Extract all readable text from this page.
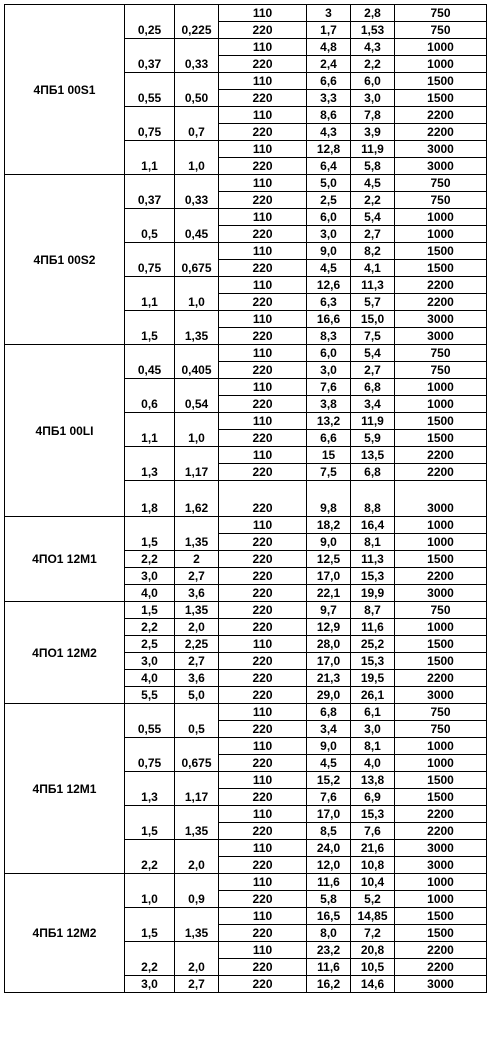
4ПБ1 00S1	0,25	0,225	110	3	2,8	750
			220	1,7	1,53	750
	0,37	0,33	110	4,8	4,3	1000
			220	2,4	2,2	1000
	0,55	0,50	110	6,6	6,0	1500
			220	3,3	3,0	1500
	0,75	0,7	110	8,6	7,8	2200
			220	4,3	3,9	2200
	1,1	1,0	110	12,8	11,9	3000
			220	6,4	5,8	3000
4ПБ1 00S2	0,37	0,33	110	5,0	4,5	750
			220	2,5	2,2	750
	0,5	0,45	110	6,0	5,4	1000
			220	3,0	2,7	1000
	0,75	0,675	110	9,0	8,2	1500
			220	4,5	4,1	1500
	1,1	1,0	110	12,6	11,3	2200
			220	6,3	5,7	2200
	1,5	1,35	110	16,6	15,0	3000
			220	8,3	7,5	3000
4ПБ1 00LI	0,45	0,405	110	6,0	5,4	750
			220	3,0	2,7	750
	0,6	0,54	110	7,6	6,8	1000
			220	3,8	3,4	1000
	1,1	1,0	110	13,2	11,9	1500
			220	6,6	5,9	1500
	1,3	1,17	110	15	13,5	2200
			220	7,5	6,8	2200
	1,8	1,62	220	9,8	8,8	3000
4ПО1 12М1	1,5	1,35	110	18,2	16,4	1000
			220	9,0	8,1	1000
	2,2	2	220	12,5	11,3	1500
	3,0	2,7	220	17,0	15,3	2200
	4,0	3,6	220	22,1	19,9	3000
4ПО1 12М2	1,5	1,35	220	9,7	8,7	750
	2,2	2,0	220	12,9	11,6	1000
	2,5	2,25	110	28,0	25,2	1500
	3,0	2,7	220	17,0	15,3	1500
	4,0	3,6	220	21,3	19,5	2200
	5,5	5,0	220	29,0	26,1	3000
4ПБ1 12М1	0,55	0,5	110	6,8	6,1	750
			220	3,4	3,0	750
	0,75	0,675	110	9,0	8,1	1000
			220	4,5	4,0	1000
	1,3	1,17	110	15,2	13,8	1500
			220	7,6	6,9	1500
	1,5	1,35	110	17,0	15,3	2200
			220	8,5	7,6	2200
	2,2	2,0	110	24,0	21,6	3000
			220	12,0	10,8	3000
4ПБ1 12М2	1,0	0,9	110	11,6	10,4	1000
			220	5,8	5,2	1000
	1,5	1,35	110	16,5	14,85	1500
			220	8,0	7,2	1500
	2,2	2,0	110	23,2	20,8	2200
			220	11,6	10,5	2200
	3,0	2,7	220	16,2	14,6	3000
